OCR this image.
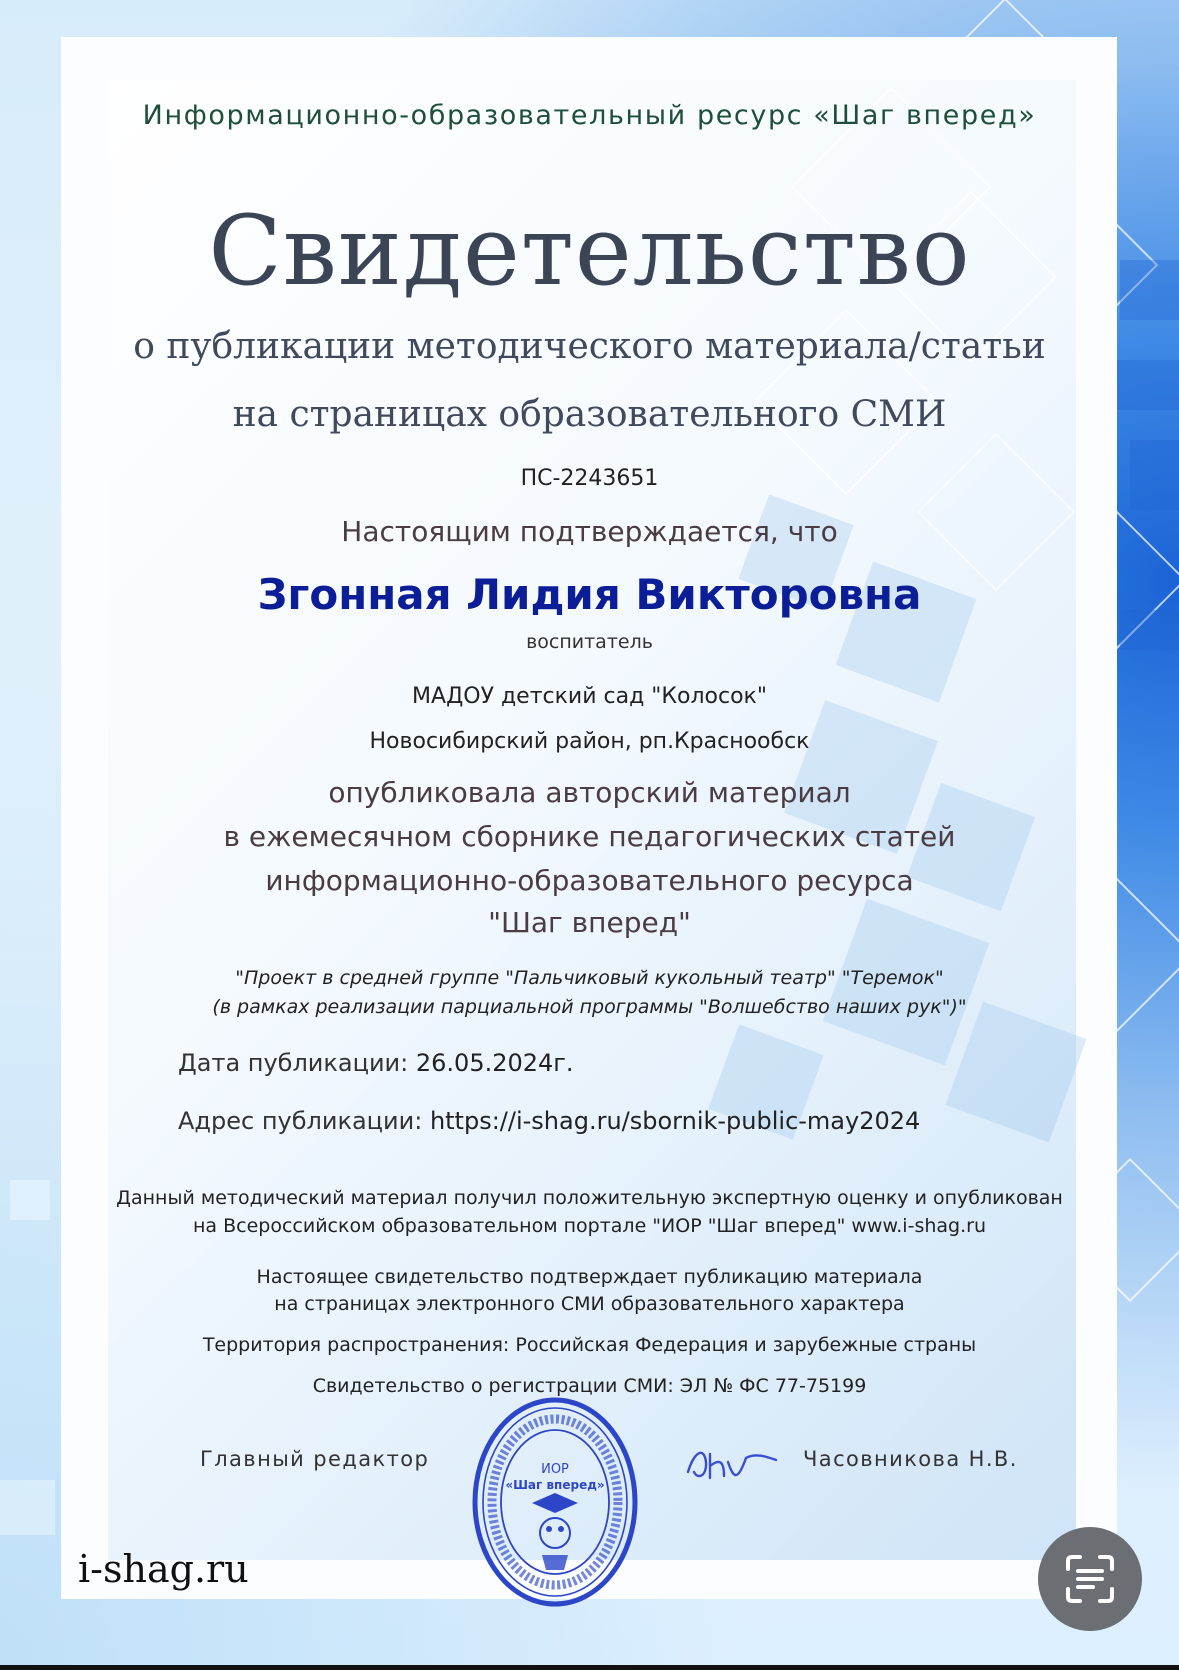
Информационно-образовательный ресурс «Шаг вперед»

Свидетельство

о публикации методического материала/статьи

на страницах образовательного СМИ

ПС-2243651

Настоящим подтверждается, что

Згонная Лидия Викторовна

воспитатель

МАДОУ детский сад "Колосок"

Новосибирский район, рп.Краснообск

опубликовала авторский материал

в ежемесячном сборнике педагогических статей

информационно-образовательного ресурса

"Шаг вперед"

"Проект в средней группе "Пальчиковый кукольный театр" "Теремок"

(в рамках реализации парциальной программы "Волшебство наших рук")"

Дата публикации: 26.05.2024г.
Адрес публикации: https://i-shag.ru/sbornik-public-may2024

Данный методический материал получил положительную экспертную оценку и опубликован

на Всероссийском образовательном портале "ИОР "Шаг вперед" www.i-shag.ru

Настоящее свидетельство подтверждает публикацию материала

на страницах электронного СМИ образовательного характера

Территория распространения: Российская Федерация и зарубежные страны

Свидетельство о регистрации СМИ: ЭЛ № ФС 77-75199

Главный редактор	Часовникова Н.В.
ИОР
«Шаг вперед»
i-shag.ru
